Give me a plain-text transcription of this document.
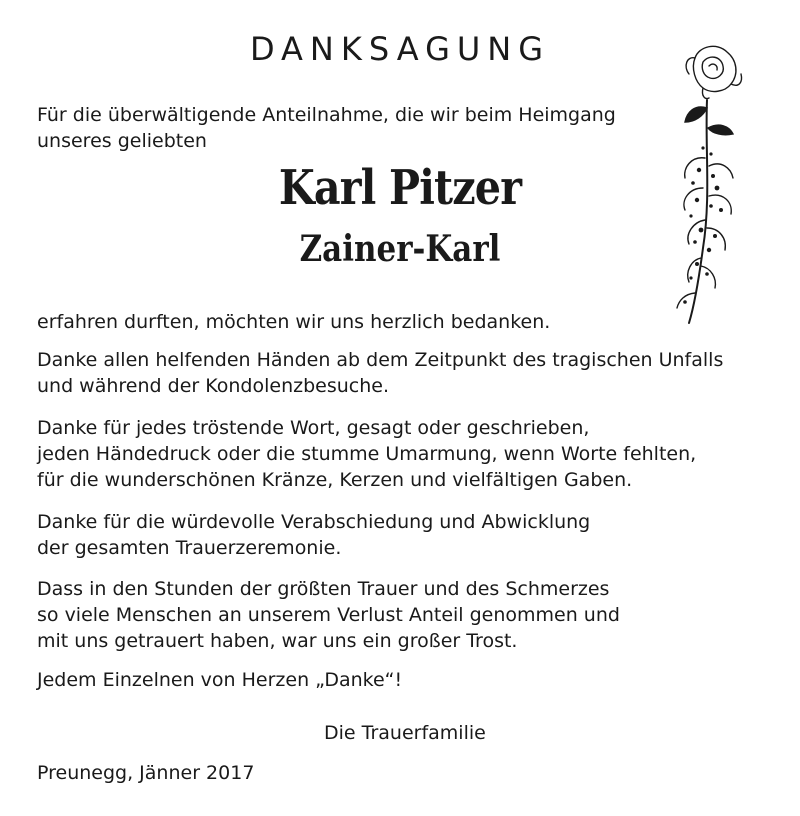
DANKSAGUNG
Für die überwältigende Anteilnahme, die wir beim Heimgang
unseres geliebten
Karl Pitzer
Zainer-Karl
erfahren durften, möchten wir uns herzlich bedanken.
Danke allen helfenden Händen ab dem Zeitpunkt des tragischen Unfalls
und während der Kondolenzbesuche.
Danke für jedes tröstende Wort, gesagt oder geschrieben,
jeden Händedruck oder die stumme Umarmung, wenn Worte fehlten,
für die wunderschönen Kränze, Kerzen und vielfältigen Gaben.
Danke für die würdevolle Verabschiedung und Abwicklung
der gesamten Trauerzeremonie.
Dass in den Stunden der größten Trauer und des Schmerzes
so viele Menschen an unserem Verlust Anteil genommen und
mit uns getrauert haben, war uns ein großer Trost.
Jedem Einzelnen von Herzen „Danke“!
Die Trauerfamilie
Preunegg, Jänner 2017
